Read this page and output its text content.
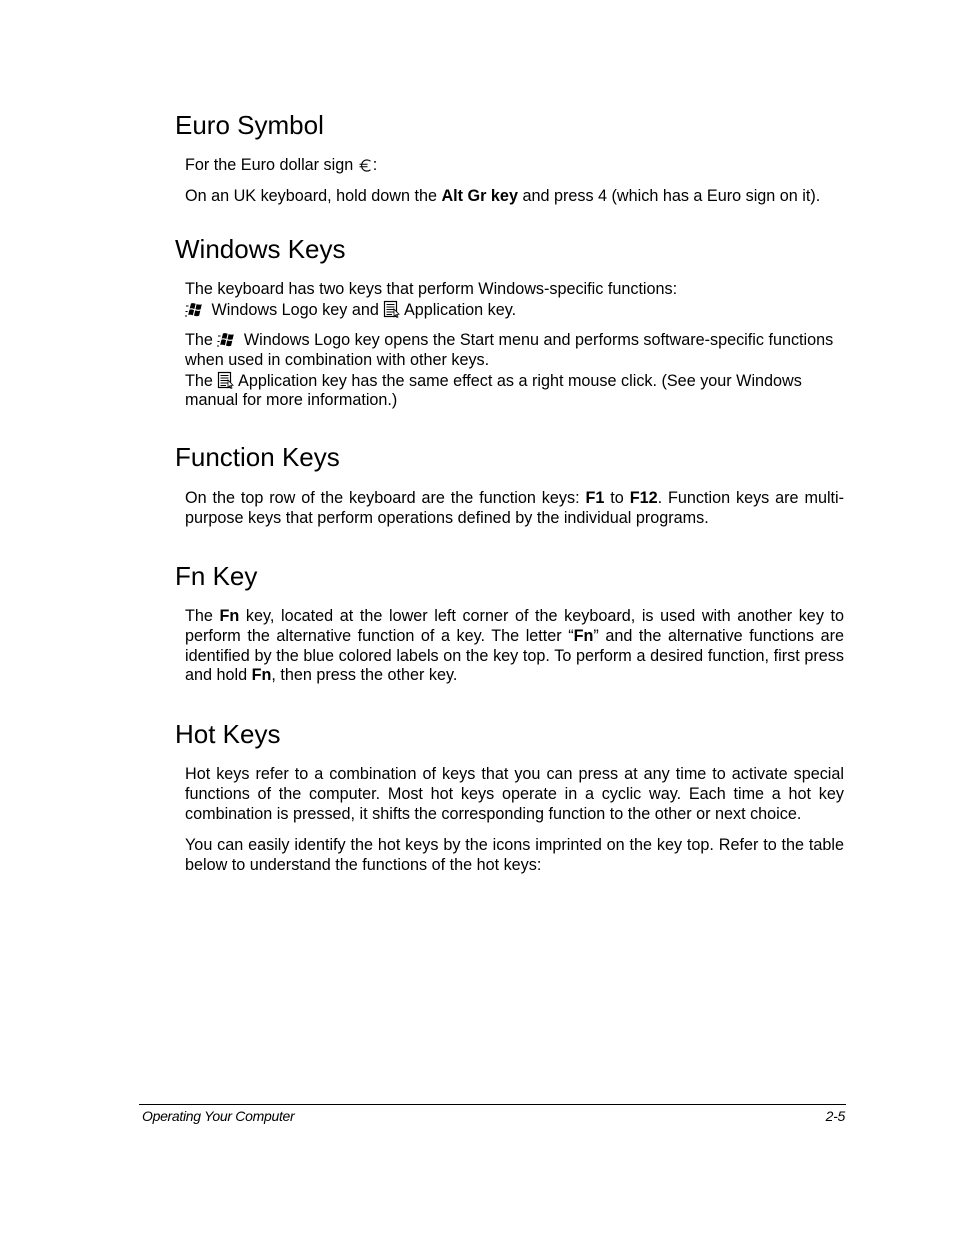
Euro Symbol

For the Euro dollar sign :

On an UK keyboard, hold down the Alt Gr key and press 4 (which has a Euro sign on it).

Windows Keys

The keyboard has two keys that perform Windows-specific functions:
Windows Logo key and Application key.

The Windows Logo key opens the Start menu and performs software-specific functions when used in combination with other keys.
The Application key has the same effect as a right mouse click. (See your Windows manual for more information.)

Function Keys

On the top row of the keyboard are the function keys: F1 to F12. Function keys are multi-purpose keys that perform operations defined by the individual programs.

Fn Key

The Fn key, located at the lower left corner of the keyboard, is used with another key to perform the alternative function of a key. The letter “Fn” and the alternative functions are identified by the blue colored labels on the key top. To perform a desired function, first press and hold Fn, then press the other key.

Hot Keys

Hot keys refer to a combination of keys that you can press at any time to activate special functions of the computer. Most hot keys operate in a cyclic way. Each time a hot key combination is pressed, it shifts the corresponding function to the other or next choice.

You can easily identify the hot keys by the icons imprinted on the key top. Refer to the table below to understand the functions of the hot keys:

Operating Your Computer	2-5
